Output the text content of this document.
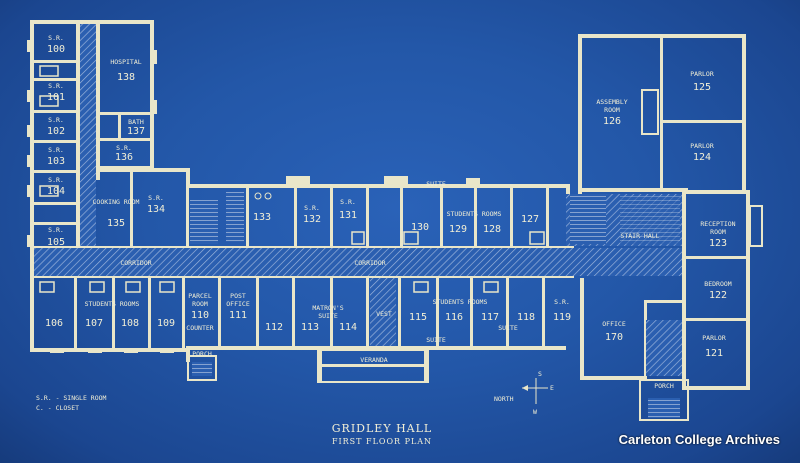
S.R.
100
S.R.
101
S.R.
102
S.R.
103
S.R.
104
S.R.
105
HOSPITAL
138
BATH
137
S.R.
136
COOKING ROOM
135
S.R.
134
133
S.R.
132
S.R.
131
130
SUITE
STUDENTS ROOMS
129 128
127
ASSEMBLY
ROOM
126
PARLOR
125
PARLOR
124
RECEPTION
ROOM
123
STAIR HALL
BEDROOM
122
PARLOR
121
OFFICE
170
106 107 108 109
STUDENTS ROOMS
PARCEL
ROOM
110
COUNTER
POST
OFFICE
111
112
MATRON'S
SUITE
113 114
VEST 115
STUDENTS ROOMS
116 117 118
S.R.
119
SUITE
SUITE
CORRIDOR	CORRIDOR
VERANDA
PORCH
PORCH
S.R. - SINGLE ROOM
C. - CLOSET
NORTH
S
E
W
GRIDLEY HALL
FIRST FLOOR PLAN	Carleton College Archives
